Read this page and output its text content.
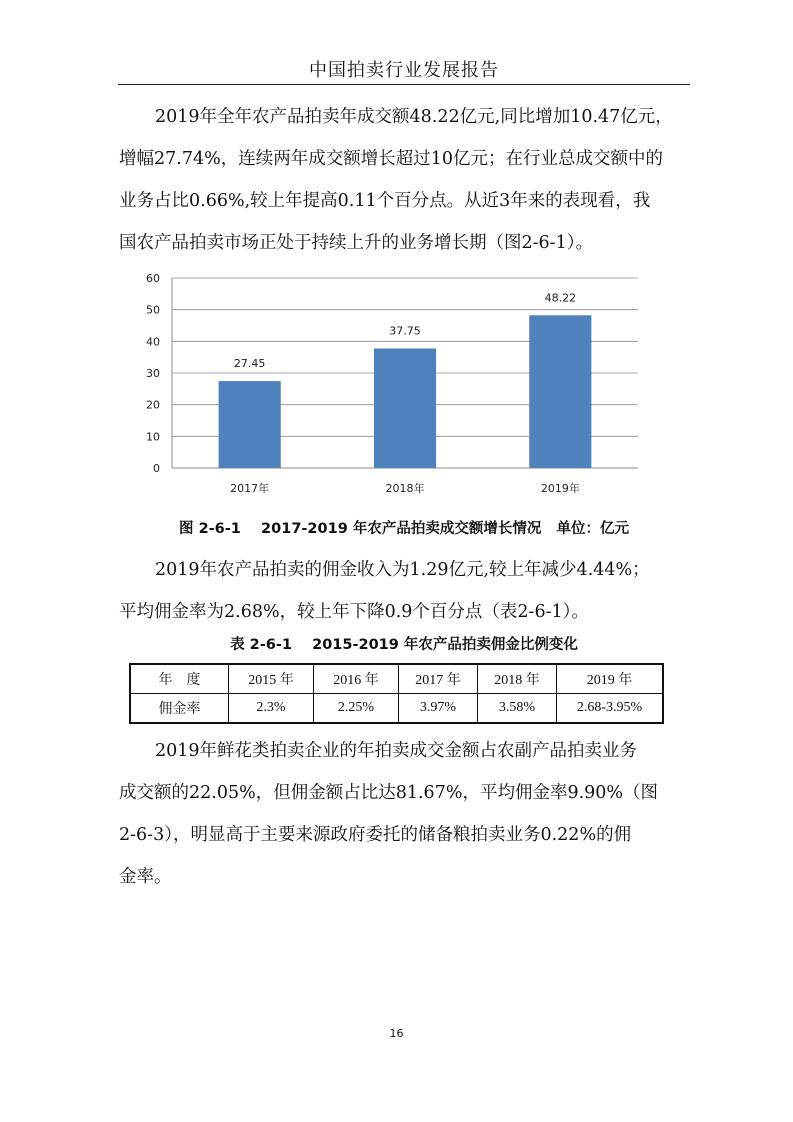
中国拍卖行业发展报告
2019年全年农产品拍卖年成交额48.22亿元,同比增加10.47亿元，
增幅27.74%，连续两年成交额增长超过10亿元；在行业总成交额中的
业务占比0.66%,较上年提高0.11个百分点。从近3年来的表现看，我
国农产品拍卖市场正处于持续上升的业务增长期（图2-6-1）。
0
10
20
30
40
50
60
27.45
2017年
37.75
2018年
48.22
2019年
图 2-6-1    2017-2019 年农产品拍卖成交额增长情况   单位：亿元
2019年农产品拍卖的佣金收入为1.29亿元,较上年减少4.44%；
平均佣金率为2.68%，较上年下降0.9个百分点（表2-6-1）。
表 2-6-1    2015-2019 年农产品拍卖佣金比例变化
年　度	2015 年	2016 年	2017 年	2018 年	2019 年
佣金率	2.3%	2.25%	3.97%	3.58%	2.68-3.95%
2019年鲜花类拍卖企业的年拍卖成交金额占农副产品拍卖业务
成交额的22.05%，但佣金额占比达81.67%，平均佣金率9.90%（图
2-6-3），明显高于主要来源政府委托的储备粮拍卖业务0.22%的佣
金率。
16
